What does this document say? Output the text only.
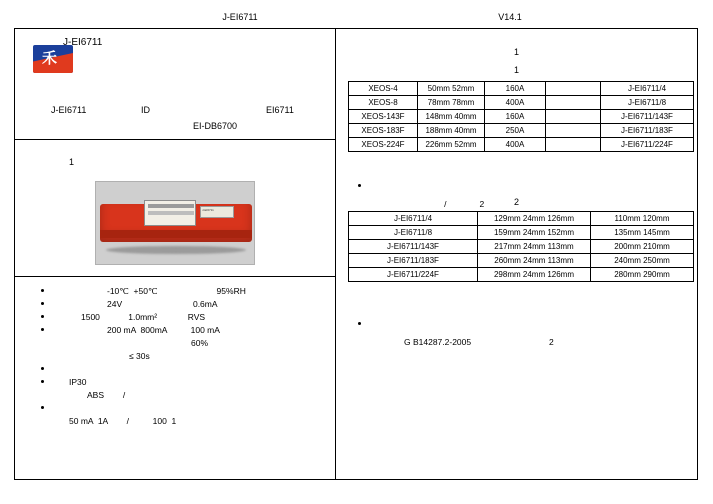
J-EI6711	V14.1
禾
J-EI6711
J-EI6711	ID	EI6711
EI-DB6700
1
J-EI6711
-10℃  +50℃                         95%RH
24V                              0.6mA
1500            1.0mm²             RVS
200 mA  800mA          100 mA
60%
≤ 30s
IP30
ABS        /
50 mA  1A        /          100  1
1
1
XEOS-4	50mm 52mm	160A		J-EI6711/4
XEOS-8	78mm 78mm	400A		J-EI6711/8
XEOS-143F	148mm 40mm	160A		J-EI6711/143F
XEOS-183F	188mm 40mm	250A		J-EI6711/183F
XEOS-224F	226mm 52mm	400A		J-EI6711/224F

/              2
	2
J-EI6711/4	129mm 24mm 126mm	110mm 120mm
J-EI6711/8	159mm 24mm 152mm	135mm 145mm
J-EI6711/143F	217mm 24mm 113mm	200mm 210mm
J-EI6711/183F	260mm 24mm 113mm	240mm 250mm
J-EI6711/224F	298mm 24mm 126mm	280mm 290mm

G B14287.2-2005                                 2
